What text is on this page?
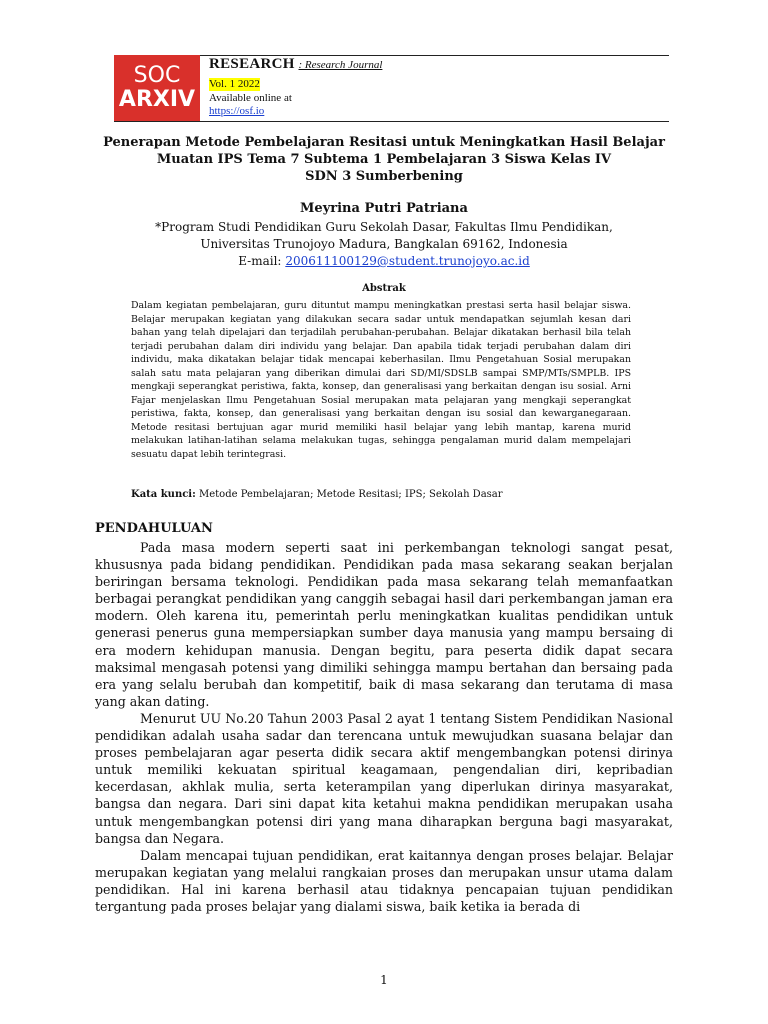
SOC
ARXIV
RESEARCH : Research Journal
Vol. 1 2022
Available online at
https://osf.io
Penerapan Metode Pembelajaran Resitasi untuk Meningkatkan Hasil Belajar
Muatan IPS Tema 7 Subtema 1 Pembelajaran 3 Siswa Kelas IV
SDN 3 Sumberbening
Meyrina Putri Patriana
*Program Studi Pendidikan Guru Sekolah Dasar, Fakultas Ilmu Pendidikan,
Universitas Trunojoyo Madura, Bangkalan 69162, Indonesia
E-mail: 200611100129@student.trunojoyo.ac.id
Abstrak
Dalam kegiatan pembelajaran, guru dituntut mampu meningkatkan prestasi serta hasil belajar siswa. Belajar merupakan kegiatan yang dilakukan secara sadar untuk mendapatkan sejumlah kesan dari bahan yang telah dipelajari dan terjadilah perubahan-perubahan. Belajar dikatakan berhasil bila telah terjadi perubahan dalam diri individu yang belajar. Dan apabila tidak terjadi perubahan dalam diri individu, maka dikatakan belajar tidak mencapai keberhasilan. Ilmu Pengetahuan Sosial merupakan salah satu mata pelajaran yang diberikan dimulai dari SD/MI/SDSLB sampai SMP/MTs/SMPLB. IPS mengkaji seperangkat peristiwa, fakta, konsep, dan generalisasi yang berkaitan dengan isu sosial. Arni Fajar menjelaskan Ilmu Pengetahuan Sosial merupakan mata pelajaran yang mengkaji seperangkat peristiwa, fakta, konsep, dan generalisasi yang berkaitan dengan isu sosial dan kewarganegaraan. Metode resitasi bertujuan agar murid memiliki hasil belajar yang lebih mantap, karena murid melakukan latihan-latihan selama melakukan tugas, sehingga pengalaman murid dalam mempelajari sesuatu dapat lebih terintegrasi.
Kata kunci: Metode Pembelajaran; Metode Resitasi; IPS; Sekolah Dasar
PENDAHULUAN

Pada masa modern seperti saat ini perkembangan teknologi sangat pesat, khususnya pada bidang pendidikan. Pendidikan pada masa sekarang seakan berjalan beriringan bersama teknologi. Pendidikan pada masa sekarang telah memanfaatkan berbagai perangkat pendidikan yang canggih sebagai hasil dari perkembangan jaman era modern. Oleh karena itu, pemerintah perlu meningkatkan kualitas pendidikan untuk generasi penerus guna mempersiapkan sumber daya manusia yang mampu bersaing di era modern kehidupan manusia. Dengan begitu, para peserta didik dapat secara maksimal mengasah potensi yang dimiliki sehingga mampu bertahan dan bersaing pada era yang selalu berubah dan kompetitif, baik di masa sekarang dan terutama di masa yang akan dating.

Menurut UU No.20 Tahun 2003 Pasal 2 ayat 1 tentang Sistem Pendidikan Nasional pendidikan adalah usaha sadar dan terencana untuk mewujudkan suasana belajar dan proses pembelajaran agar peserta didik secara aktif mengembangkan potensi dirinya untuk memiliki kekuatan spiritual keagamaan, pengendalian diri, kepribadian kecerdasan, akhlak mulia, serta keterampilan yang diperlukan dirinya masyarakat, bangsa dan negara. Dari sini dapat kita ketahui makna pendidikan merupakan usaha untuk mengembangkan potensi diri yang mana diharapkan berguna bagi masyarakat, bangsa dan Negara.

Dalam mencapai tujuan pendidikan, erat kaitannya dengan proses belajar. Belajar merupakan kegiatan yang melalui rangkaian proses dan merupakan unsur utama dalam pendidikan. Hal ini karena berhasil atau tidaknya pencapaian tujuan pendidikan tergantung pada proses belajar yang dialami siswa, baik ketika ia berada di

1
